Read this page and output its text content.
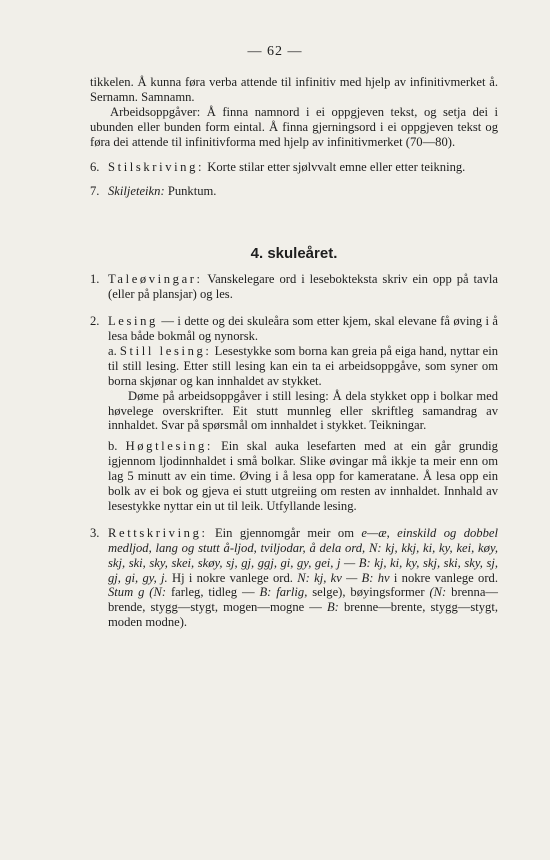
— 62 —

tikkelen. Å kunna føra verba attende til infinitiv med hjelp av infinitivmerket å. Sernamn. Samnamn.

Arbeidsoppgåver: Å finna namnord i ei oppgjeven tekst, og setja dei i ubunden eller bunden form eintal. Å finna gjerningsord i ei oppgjeven tekst og føra dei attende til infinitivforma med hjelp av infinitivmerket (70—80).

6. Stilskriving: Korte stilar etter sjølvvalt emne eller etter teikning.

7. Skiljeteikn: Punktum.

4. skuleåret.

1. Taleøvingar: Vanskelegare ord i lesebokteksta skriv ein opp på tavla (eller på plansjar) og les.

2. Lesing — i dette og dei skuleåra som etter kjem, skal elevane få øving i å lesa både bokmål og nynorsk.

a. Still lesing: Lesestykke som borna kan greia på eiga hand, nyttar ein til still lesing. Etter still lesing kan ein ta ei arbeidsoppgåve, som syner om borna skjønar og kan innhaldet av stykket.

Døme på arbeidsoppgåver i still lesing: Å dela stykket opp i bolkar med høvelege overskrifter. Eit stutt munnleg eller skriftleg samandrag av innhaldet. Svar på spørsmål om innhaldet i stykket. Teikningar.

b. Høgtlesing: Ein skal auka lesefarten med at ein går grundig igjennom ljodinnhaldet i små bolkar. Slike øvingar må ikkje ta meir enn om lag 5 minutt av ein time. Øving i å lesa opp for kameratane. Å lesa opp ein bolk av ei bok og gjeva ei stutt utgreiing om resten av innhaldet. Innhald av lesestykke nyttar ein ut til leik. Utfyllande lesing.

3. Rettskriving: Ein gjennomgår meir om e—æ, einskild og dobbel medljod, lang og stutt å-ljod, tviljodar, å dela ord, N: kj, kkj, ki, ky, kei, køy, skj, ski, sky, skei, skøy, sj, gj, ggj, gi, gy, gei, j — B: kj, ki, ky, skj, ski, sky, sj, gj, gi, gy, j. Hj i nokre vanlege ord. N: kj, kv — B: hv i nokre vanlege ord. Stum g (N: farleg, tidleg — B: farlig, selge), bøyingsformer (N: brenna—brende, stygg—stygt, mogen—mogne — B: brenne—brente, stygg—stygt, moden modne).
